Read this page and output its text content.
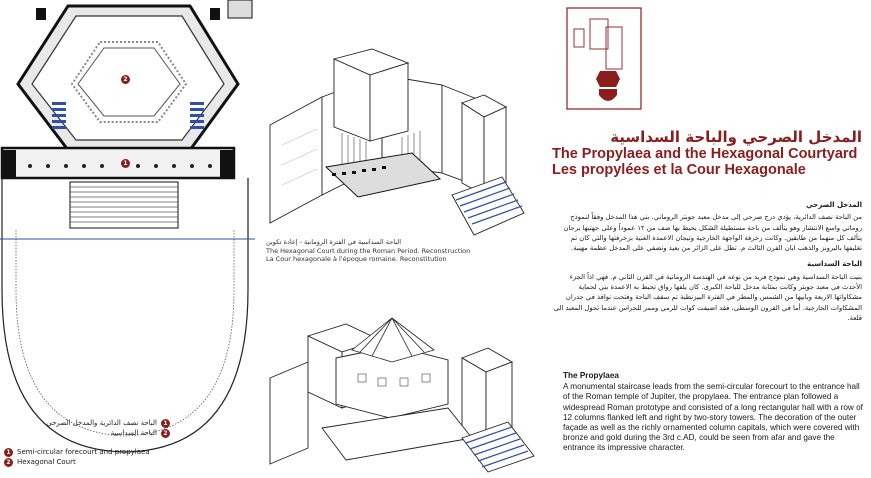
2
1
الباحة نصف الدائرية والمدخل الصرحي	1
الباحة السداسية	2
1 Semi-circular forecourt and propylaea
2 Hexagonal Court
الباحة السداسية في الفترة الرومانية - إعادة تكوين
The Hexagonal Court during the Roman Period. Reconstruction
La Cour hexagonale à l'époque romaine. Reconstitution

المدخل الصرحي والباحة السداسية

The Propylaea and the Hexagonal Courtyard

Les propylées et la Cour Hexagonale

المدخل الصرحي

من الباحة نصف الدائرية، يؤدي درج صرحي إلى مدخل معبد جوبتر الروماني. بني هذا المدخل وفقاً لنموذج روماني واسع الانتشار وهو يتألف من باحة مستطيلة الشكل يحيط بها صف من ١٢ عموداً وعلى جهتيها برجان يتألف كل منهما من طابقين. وكانت زخرفة الواجهة الخارجية وتيجان الاعمدة الغنية بزخرفتها والتي كان تم تغليفها بالبرونز والذهب ابان القرن الثالث م. تطل على الزائر من بعيد وتضفي على المدخل عظمة مهيبة.

الباحة السداسية

بنيت الباحة السداسية وهي نموذج فريد من نوعه في الهندسة الرومانية في القرن الثاني م. فهي اذاً الجزء الأحدث في معبد جوبتر وكانت بمثابة مدخل للباحة الكبرى. كان يلفها رواق تحيط به الاعمدة بني لحماية مشكاواتها الاربعة وبابيها من الشمس والمطر في الفترة البيزنطية تم سقف الباحة وفتحت نوافذ في جدران المشكاوات الخارجية. أما في القرون الوسطى، فقد اضيفت كوات للرمي وممر للحراس عندما تحول المعبد الى قلعة.

The Propylaea

A monumental staircase leads from the semi-circular forecourt to the entrance hall of the Roman temple of Jupiter, the propylaea. The entrance plan followed a widespread Roman prototype and consisted of a long rectangular hall with a row of 12 columns flanked left and right by two-story towers. The decoration of the outer façade as well as the richly ornamented column capitals, which were covered with bronze and gold during the 3rd c.AD, could be seen from afar and gave the entrance its impressive character.
